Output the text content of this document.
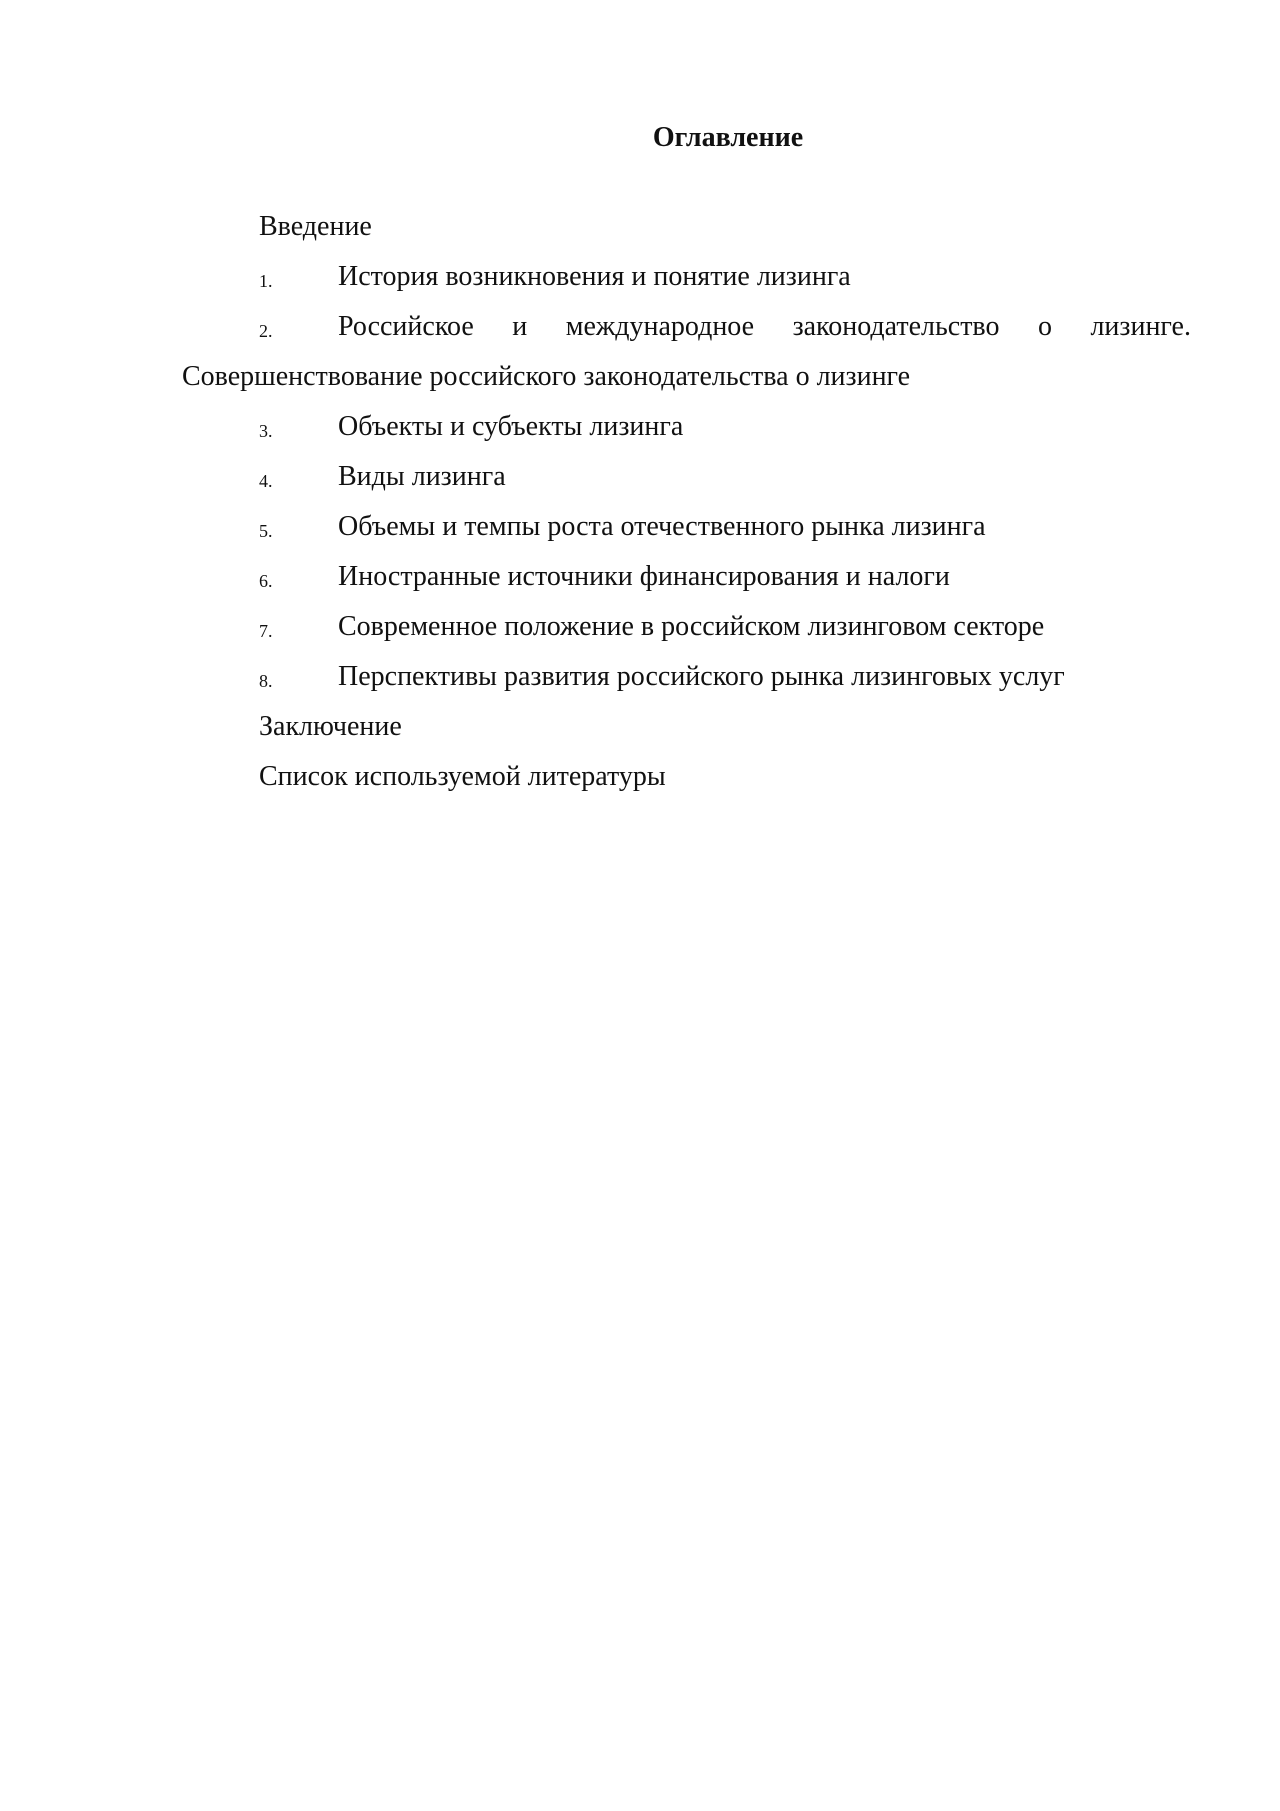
Оглавление
Введение
1. История возникновения и понятие лизинга
2. Российское и международное законодательство о лизинге.
Совершенствование российского законодательства о лизинге
3. Объекты и субъекты лизинга
4. Виды лизинга
5. Объемы и темпы роста отечественного рынка лизинга
6. Иностранные источники финансирования и налоги
7. Современное положение в российском лизинговом секторе
8. Перспективы развития российского рынка лизинговых услуг
Заключение
Список используемой литературы
